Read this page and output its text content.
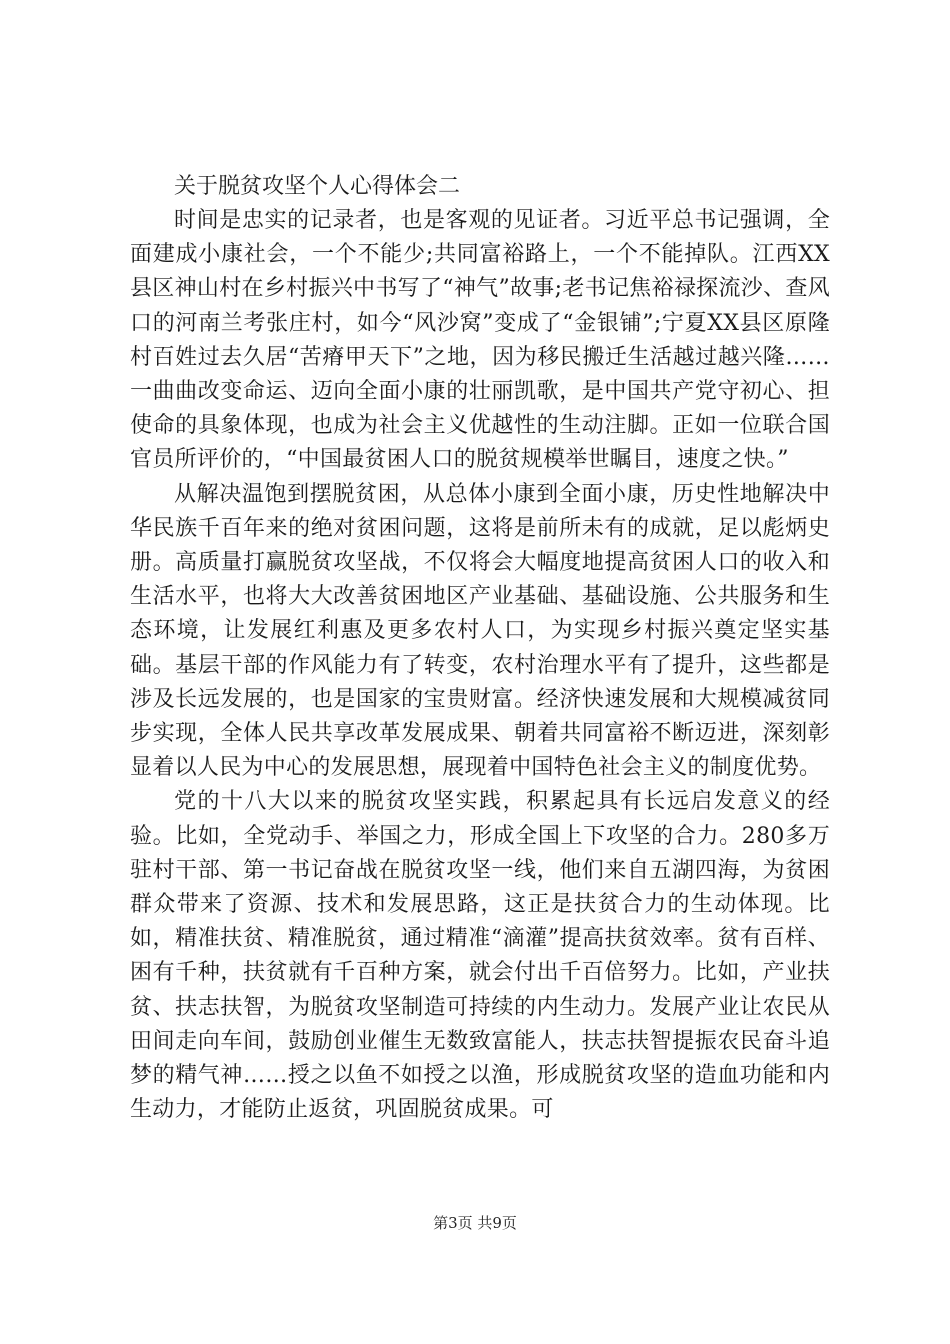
关于脱贫攻坚个人心得体会二

时间是忠实的记录者，也是客观的见证者。习近平总书记强调，全面建成小康社会，一个不能少;共同富裕路上，一个不能掉队。江西XX县区神山村在乡村振兴中书写了“神气”故事;老书记焦裕禄探流沙、查风口的河南兰考张庄村，如今“风沙窝”变成了“金银铺”;宁夏XX县区原隆村百姓过去久居“苦瘠甲天下”之地，因为移民搬迁生活越过越兴隆……一曲曲改变命运、迈向全面小康的壮丽凯歌，是中国共产党守初心、担使命的具象体现，也成为社会主义优越性的生动注脚。正如一位联合国官员所评价的，“中国最贫困人口的脱贫规模举世瞩目，速度之快。”

从解决温饱到摆脱贫困，从总体小康到全面小康，历史性地解决中华民族千百年来的绝对贫困问题，这将是前所未有的成就，足以彪炳史册。高质量打赢脱贫攻坚战，不仅将会大幅度地提高贫困人口的收入和生活水平，也将大大改善贫困地区产业基础、基础设施、公共服务和生态环境，让发展红利惠及更多农村人口，为实现乡村振兴奠定坚实基础。基层干部的作风能力有了转变，农村治理水平有了提升，这些都是涉及长远发展的，也是国家的宝贵财富。经济快速发展和大规模减贫同步实现，全体人民共享改革发展成果、朝着共同富裕不断迈进，深刻彰显着以人民为中心的发展思想，展现着中国特色社会主义的制度优势。

党的十八大以来的脱贫攻坚实践，积累起具有长远启发意义的经验。比如，全党动手、举国之力，形成全国上下攻坚的合力。280多万驻村干部、第一书记奋战在脱贫攻坚一线，他们来自五湖四海，为贫困群众带来了资源、技术和发展思路，这正是扶贫合力的生动体现。比如，精准扶贫、精准脱贫，通过精准“滴灌”提高扶贫效率。贫有百样、困有千种，扶贫就有千百种方案，就会付出千百倍努力。比如，产业扶贫、扶志扶智，为脱贫攻坚制造可持续的内生动力。发展产业让农民从田间走向车间，鼓励创业催生无数致富能人，扶志扶智提振农民奋斗追梦的精气神……授之以鱼不如授之以渔，形成脱贫攻坚的造血功能和内生动力，才能防止返贫，巩固脱贫成果。可

第3页 共9页
